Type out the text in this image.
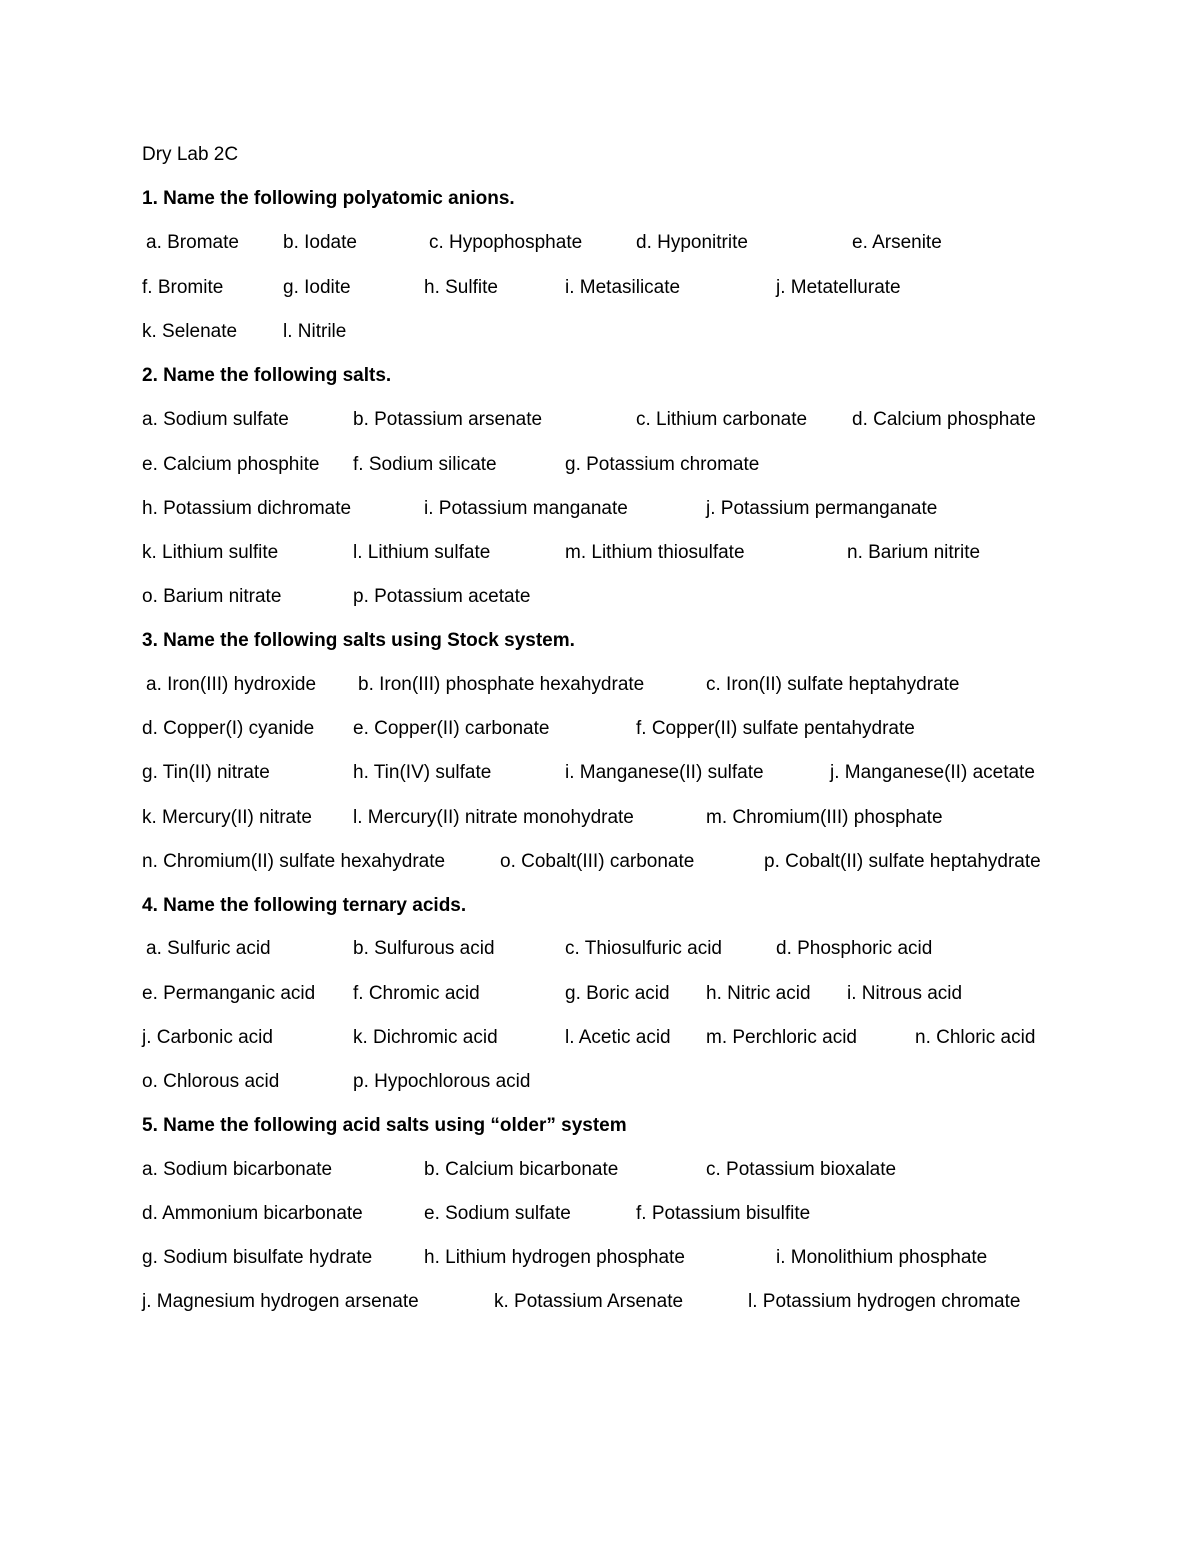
Dry Lab 2C
1. Name the following polyatomic anions.
a. Bromate b. Iodate	c. Hypophosphate	d. Hyponitrite	e. Arsenite
f. Bromite	g. Iodite	h. Sulfite	i. Metasilicate	j. Metatellurate
k. Selenate l. Nitrile
2. Name the following salts.
a. Sodium sulfate	b. Potassium arsenate	c. Lithium carbonate d. Calcium phosphate
e. Calcium phosphite f. Sodium silicate	g. Potassium chromate
h. Potassium dichromate	i. Potassium manganate	j. Potassium permanganate
k. Lithium sulfite	l. Lithium sulfate	m. Lithium thiosulfate	n. Barium nitrite
o. Barium nitrate	p. Potassium acetate
3. Name the following salts using Stock system.
a. Iron(III) hydroxide b. Iron(III) phosphate hexahydrate	c. Iron(II) sulfate heptahydrate
d. Copper(I) cyanide e. Copper(II) carbonate	f. Copper(II) sulfate pentahydrate
g. Tin(II) nitrate	h. Tin(IV) sulfate	i. Manganese(II) sulfate	j. Manganese(II) acetate
k. Mercury(II) nitrate l. Mercury(II) nitrate monohydrate	m. Chromium(III) phosphate
n. Chromium(II) sulfate hexahydrate	o. Cobalt(III) carbonate	p. Cobalt(II) sulfate heptahydrate
4. Name the following ternary acids.
a. Sulfuric acid	b. Sulfurous acid	c. Thiosulfuric acid	d. Phosphoric acid
e. Permanganic acid f. Chromic acid	g. Boric acid h. Nitric acid i. Nitrous acid
j. Carbonic acid	k. Dichromic acid	l. Acetic acid m. Perchloric acid	n. Chloric acid
o. Chlorous acid	p. Hypochlorous acid
5. Name the following acid salts using “older” system
a. Sodium bicarbonate	b. Calcium bicarbonate	c. Potassium bioxalate
d. Ammonium bicarbonate	e. Sodium sulfate	f. Potassium bisulfite
g. Sodium bisulfate hydrate	h. Lithium hydrogen phosphate	i. Monolithium phosphate
j. Magnesium hydrogen arsenate	k. Potassium Arsenate	l. Potassium hydrogen chromate
